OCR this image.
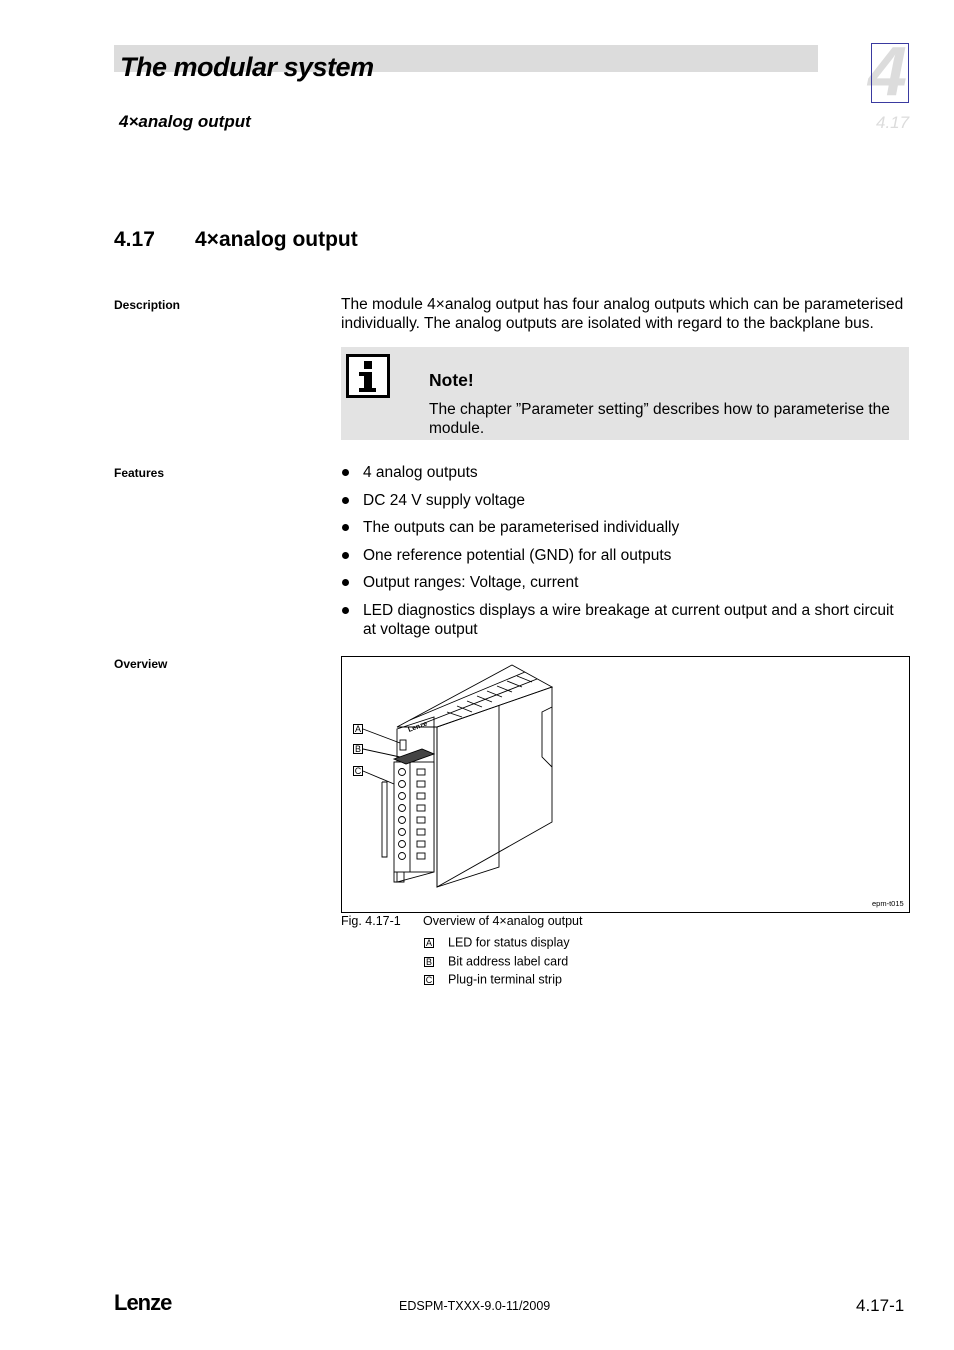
The modular system
4×analog output
4
4.17
4.17 4×analog output
Description	The module 4×analog output has four analog outputs which can be parameterised individually. The analog outputs are isolated with regard to the backplane bus.
Note!
The chapter ”Parameter setting” describes how to parameterise the module.
Features	4 analog outputs
DC 24 V supply voltage
The outputs can be parameterised individually
One reference potential (GND) for all outputs
Output ranges: Voltage, current
LED diagnostics displays a wire breakage at current output and a short circuit at voltage output
Overview
Lenze
A
B
C
epm-t015
Fig. 4.17-1 Overview of 4×analog output
A LED for status display
B Bit address label card
C Plug-in terminal strip
Lenze	EDSPM-TXXX-9.0-11/2009	4.17-1
